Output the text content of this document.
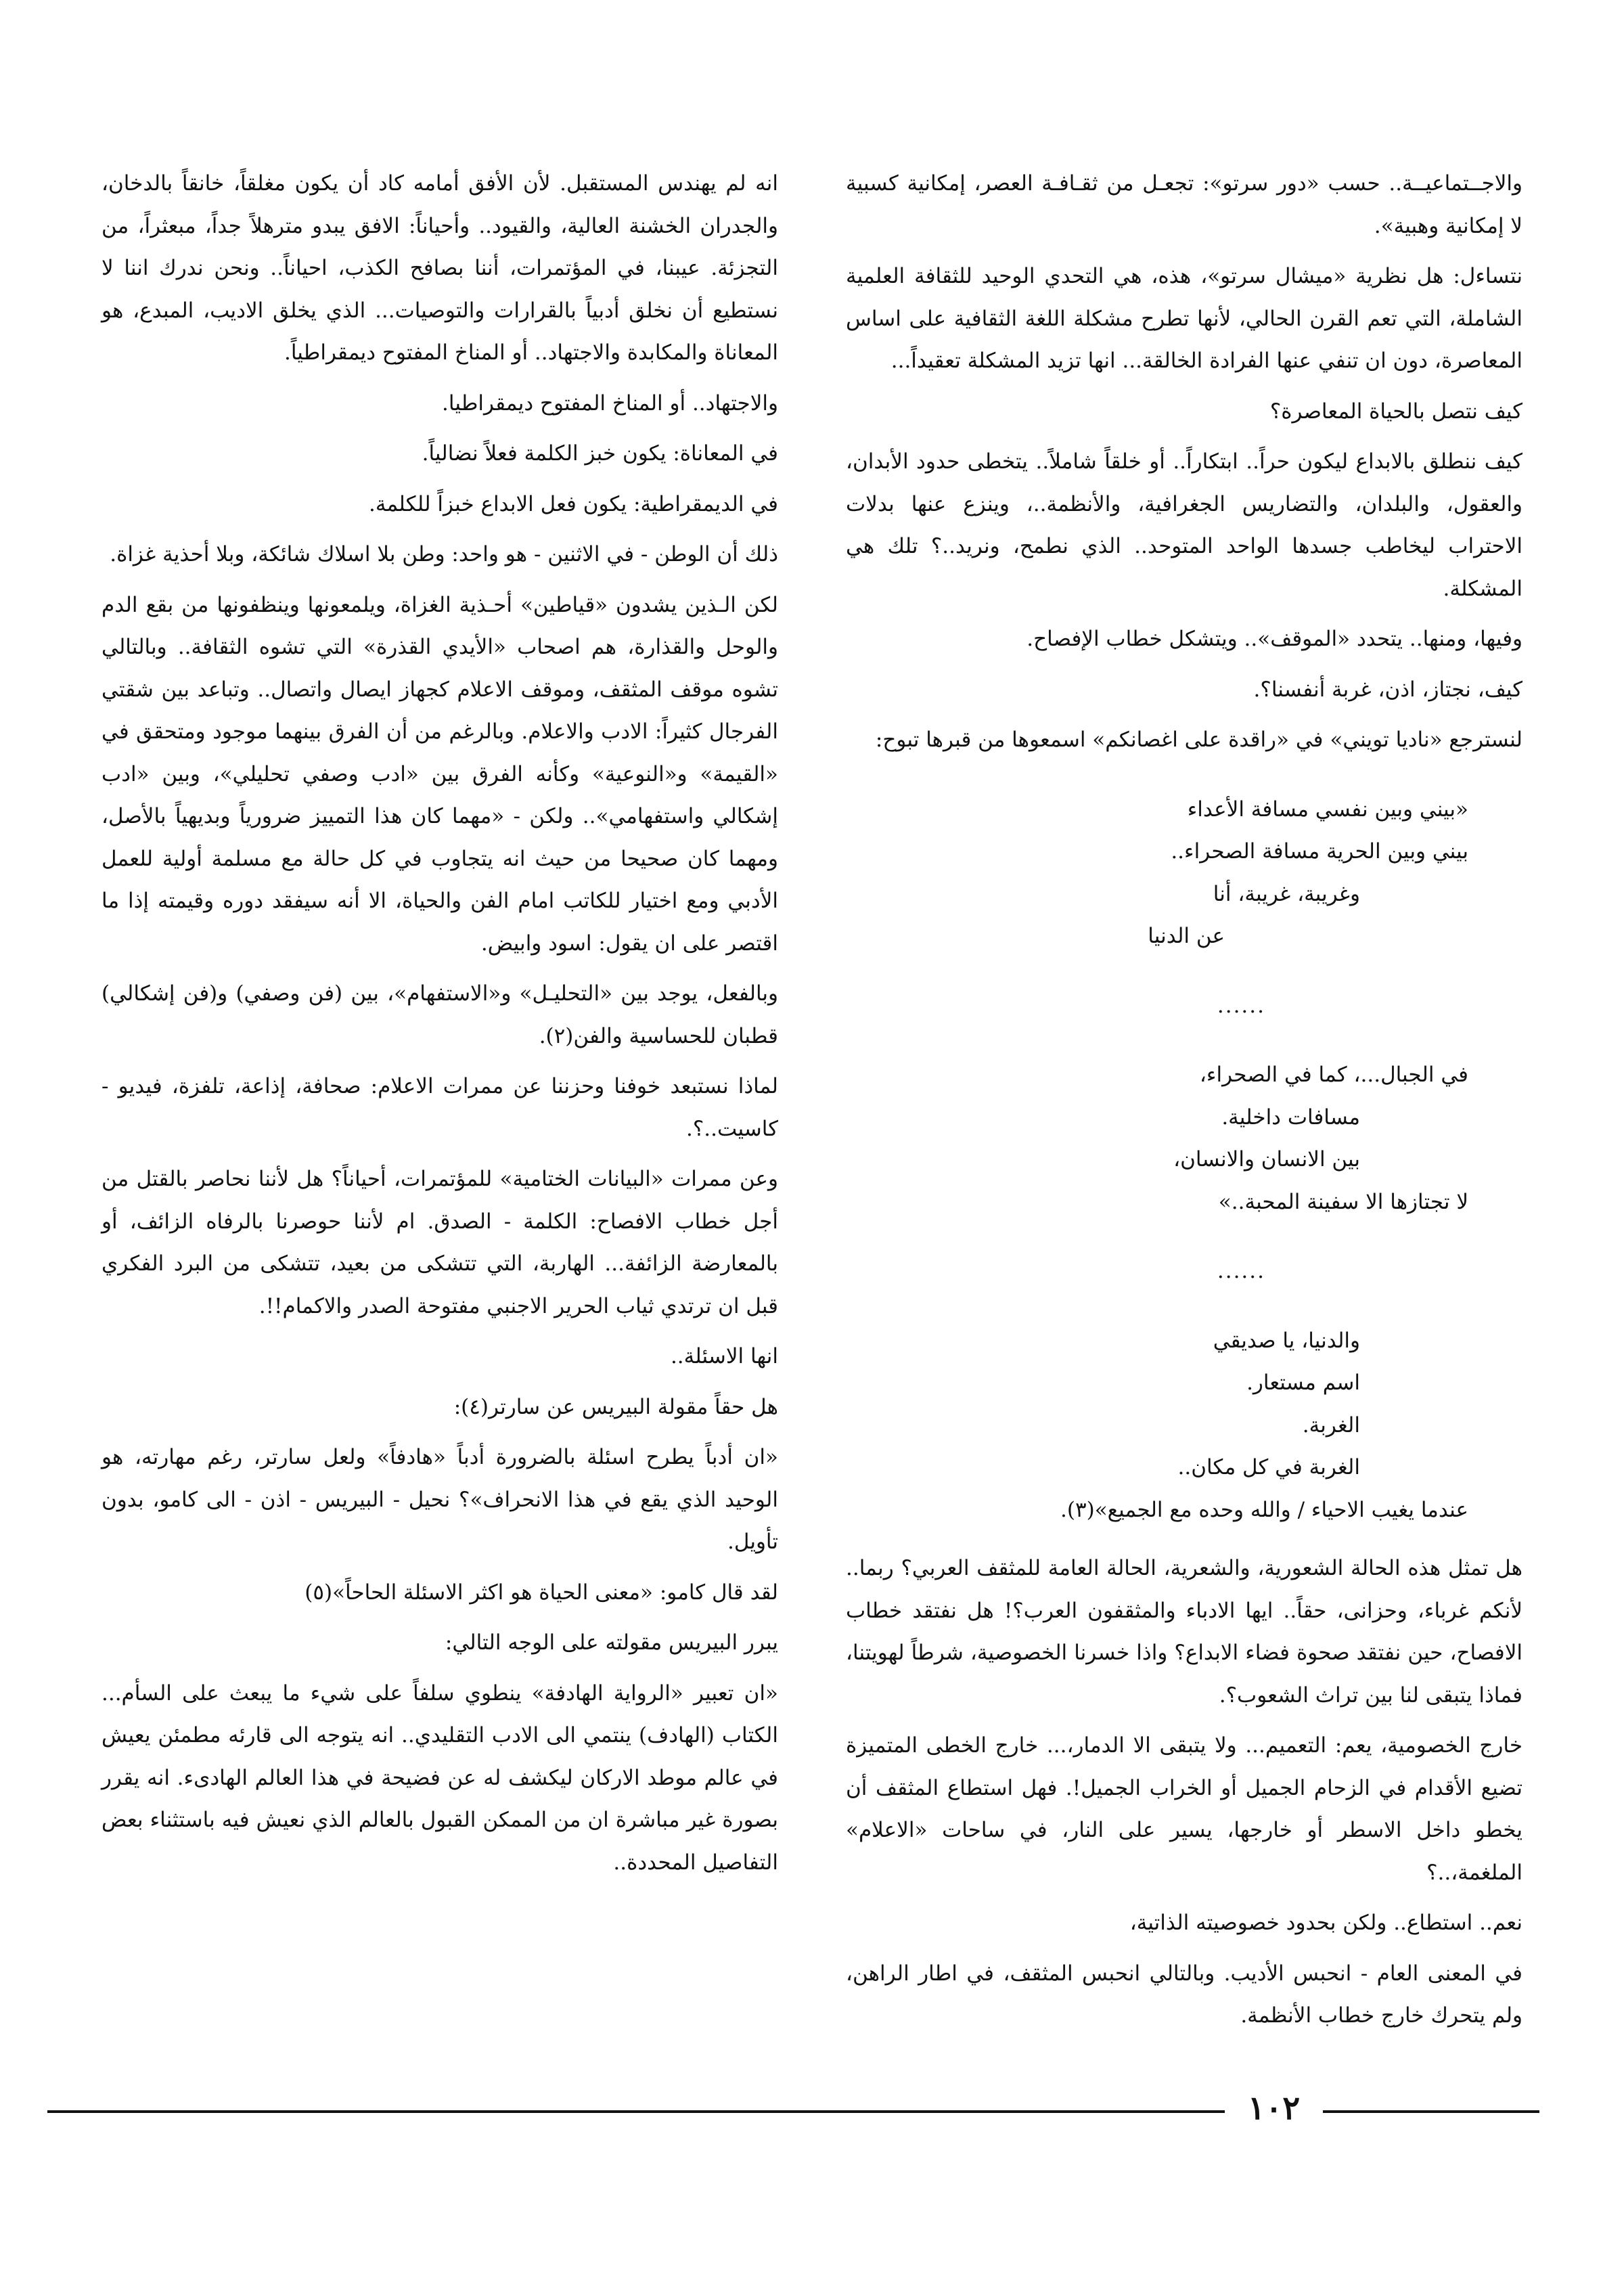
والاجــتماعيــة.. حسب «دور سرتو»: تجعـل من ثقـافـة العصر، إمكانية كسبية لا إمكانية وهبية».

نتساءل: هل نظرية «ميشال سرتو»، هذه، هي التحدي الوحيد للثقافة العلمية الشاملة، التي تعم القرن الحالي، لأنها تطرح مشكلة اللغة الثقافية على اساس المعاصرة، دون ان تنفي عنها الفرادة الخالقة... انها تزيد المشكلة تعقيداً...

كيف نتصل بالحياة المعاصرة؟

كيف ننطلق بالابداع ليكون حراً.. ابتكاراً.. أو خلقاً شاملاً.. يتخطى حدود الأبدان، والعقول، والبلدان، والتضاريس الجغرافية، والأنظمة..، وينزع عنها بدلات الاحتراب ليخاطب جسدها الواحد المتوحد.. الذي نطمح، ونريد..؟ تلك هي المشكلة.

وفيها، ومنها.. يتحدد «الموقف».. ويتشكل خطاب الإفصاح.

كيف، نجتاز، اذن، غربة أنفسنا؟.

لنسترجع «ناديا تويني» في «راقدة على اغصانكم» اسمعوها من قبرها تبوح:

«بيني وبين نفسي مسافة الأعداء
بيني وبين الحرية مسافة الصحراء..
وغريبة، غريبة، أنا
عن الدنيا
......
في الجبال...، كما في الصحراء،
مسافات داخلية.
بين الانسان والانسان،
لا تجتازها الا سفينة المحبة..»
......
والدنيا، يا صديقي
اسم مستعار.
الغربة.
الغربة في كل مكان..
عندما يغيب الاحياء / والله وحده مع الجميع»(٣).

هل تمثل هذه الحالة الشعورية، والشعرية، الحالة العامة للمثقف العربي؟ ربما.. لأنكم غرباء، وحزانى، حقاً.. ايها الادباء والمثقفون العرب؟! هل نفتقد خطاب الافصاح، حين نفتقد صحوة فضاء الابداع؟ واذا خسرنا الخصوصية، شرطاً لهويتنا، فماذا يتبقى لنا بين تراث الشعوب؟.

خارج الخصومية، يعم: التعميم... ولا يتبقى الا الدمار،... خارج الخطى المتميزة تضيع الأقدام في الزحام الجميل أو الخراب الجميل!. فهل استطاع المثقف أن يخطو داخل الاسطر أو خارجها، يسير على النار، في ساحات «الاعلام» الملغمة،..؟

نعم.. استطاع.. ولكن بحدود خصوصيته الذاتية،

في المعنى العام - انحبس الأديب. وبالتالي انحبس المثقف، في اطار الراهن، ولم يتحرك خارج خطاب الأنظمة.

انه لم يهندس المستقبل. لأن الأفق أمامه كاد أن يكون مغلقاً، خانقاً بالدخان، والجدران الخشنة العالية، والقيود.. وأحياناً: الافق يبدو مترهلاً جداً، مبعثراً، من التجزئة. عيبنا، في المؤتمرات، أننا بصافح الكذب، احياناً.. ونحن ندرك اننا لا نستطيع أن نخلق أدبياً بالقرارات والتوصيات... الذي يخلق الاديب، المبدع، هو المعاناة والمكابدة والاجتهاد.. أو المناخ المفتوح ديمقراطياً.

والاجتهاد.. أو المناخ المفتوح ديمقراطيا.

في المعاناة: يكون خبز الكلمة فعلاً نضالياً.

في الديمقراطية: يكون فعل الابداع خبزاً للكلمة.

ذلك أن الوطن - في الاثنين - هو واحد: وطن بلا اسلاك شائكة، وبلا أحذية غزاة.

لكن الـذين يشدون «قياطين» أحـذية الغزاة، ويلمعونها وينظفونها من بقع الدم والوحل والقذارة، هم اصحاب «الأيدي القذرة» التي تشوه الثقافة.. وبالتالي تشوه موقف المثقف، وموقف الاعلام كجهاز ايصال واتصال.. وتباعد بين شقتي الفرجال كثيراً: الادب والاعلام. وبالرغم من أن الفرق بينهما موجود ومتحقق في «القيمة» و«النوعية» وكأنه الفرق بين «ادب وصفي تحليلي»، وبين «ادب إشكالي واستفهامي».. ولكن - «مهما كان هذا التمييز ضرورياً وبديهياً بالأصل، ومهما كان صحيحا من حيث انه يتجاوب في كل حالة مع مسلمة أولية للعمل الأدبي ومع اختيار للكاتب امام الفن والحياة، الا أنه سيفقد دوره وقيمته إذا ما اقتصر على ان يقول: اسود وابيض.

وبالفعل، يوجد بين «التحليـل» و«الاستفهام»، بين (فن وصفي) و(فن إشكالي) قطبان للحساسية والفن(٢).

لماذا نستبعد خوفنا وحزننا عن ممرات الاعلام: صحافة، إذاعة، تلفزة، فيديو - كاسيت..؟.

وعن ممرات «البيانات الختامية» للمؤتمرات، أحياناً؟ هل لأننا نحاصر بالقتل من أجل خطاب الافصاح: الكلمة - الصدق. ام لأننا حوصرنا بالرفاه الزائف، أو بالمعارضة الزائفة... الهاربة، التي تتشكى من بعيد، تتشكى من البرد الفكري قبل ان ترتدي ثياب الحرير الاجنبي مفتوحة الصدر والاكمام!!.

انها الاسئلة..

هل حقاً مقولة البيريس عن سارتر(٤):

«ان أدباً يطرح اسئلة بالضرورة أدباً «هادفاً» ولعل سارتر، رغم مهارته، هو الوحيد الذي يقع في هذا الانحراف»؟ نحيل - البيريس - اذن - الى كامو، بدون تأويل.

لقد قال كامو: «معنى الحياة هو اكثر الاسئلة الحاحاً»(٥)

يبرر البيريس مقولته على الوجه التالي:

«ان تعبير «الرواية الهادفة» ينطوي سلفاً على شيء ما يبعث على السأم... الكتاب (الهادف) ينتمي الى الادب التقليدي.. انه يتوجه الى قارئه مطمئن يعيش في عالم موطد الاركان ليكشف له عن فضيحة في هذا العالم الهادىء. انه يقرر بصورة غير مباشرة ان من الممكن القبول بالعالم الذي نعيش فيه باستثناء بعض التفاصيل المحددة..

١٠٢
